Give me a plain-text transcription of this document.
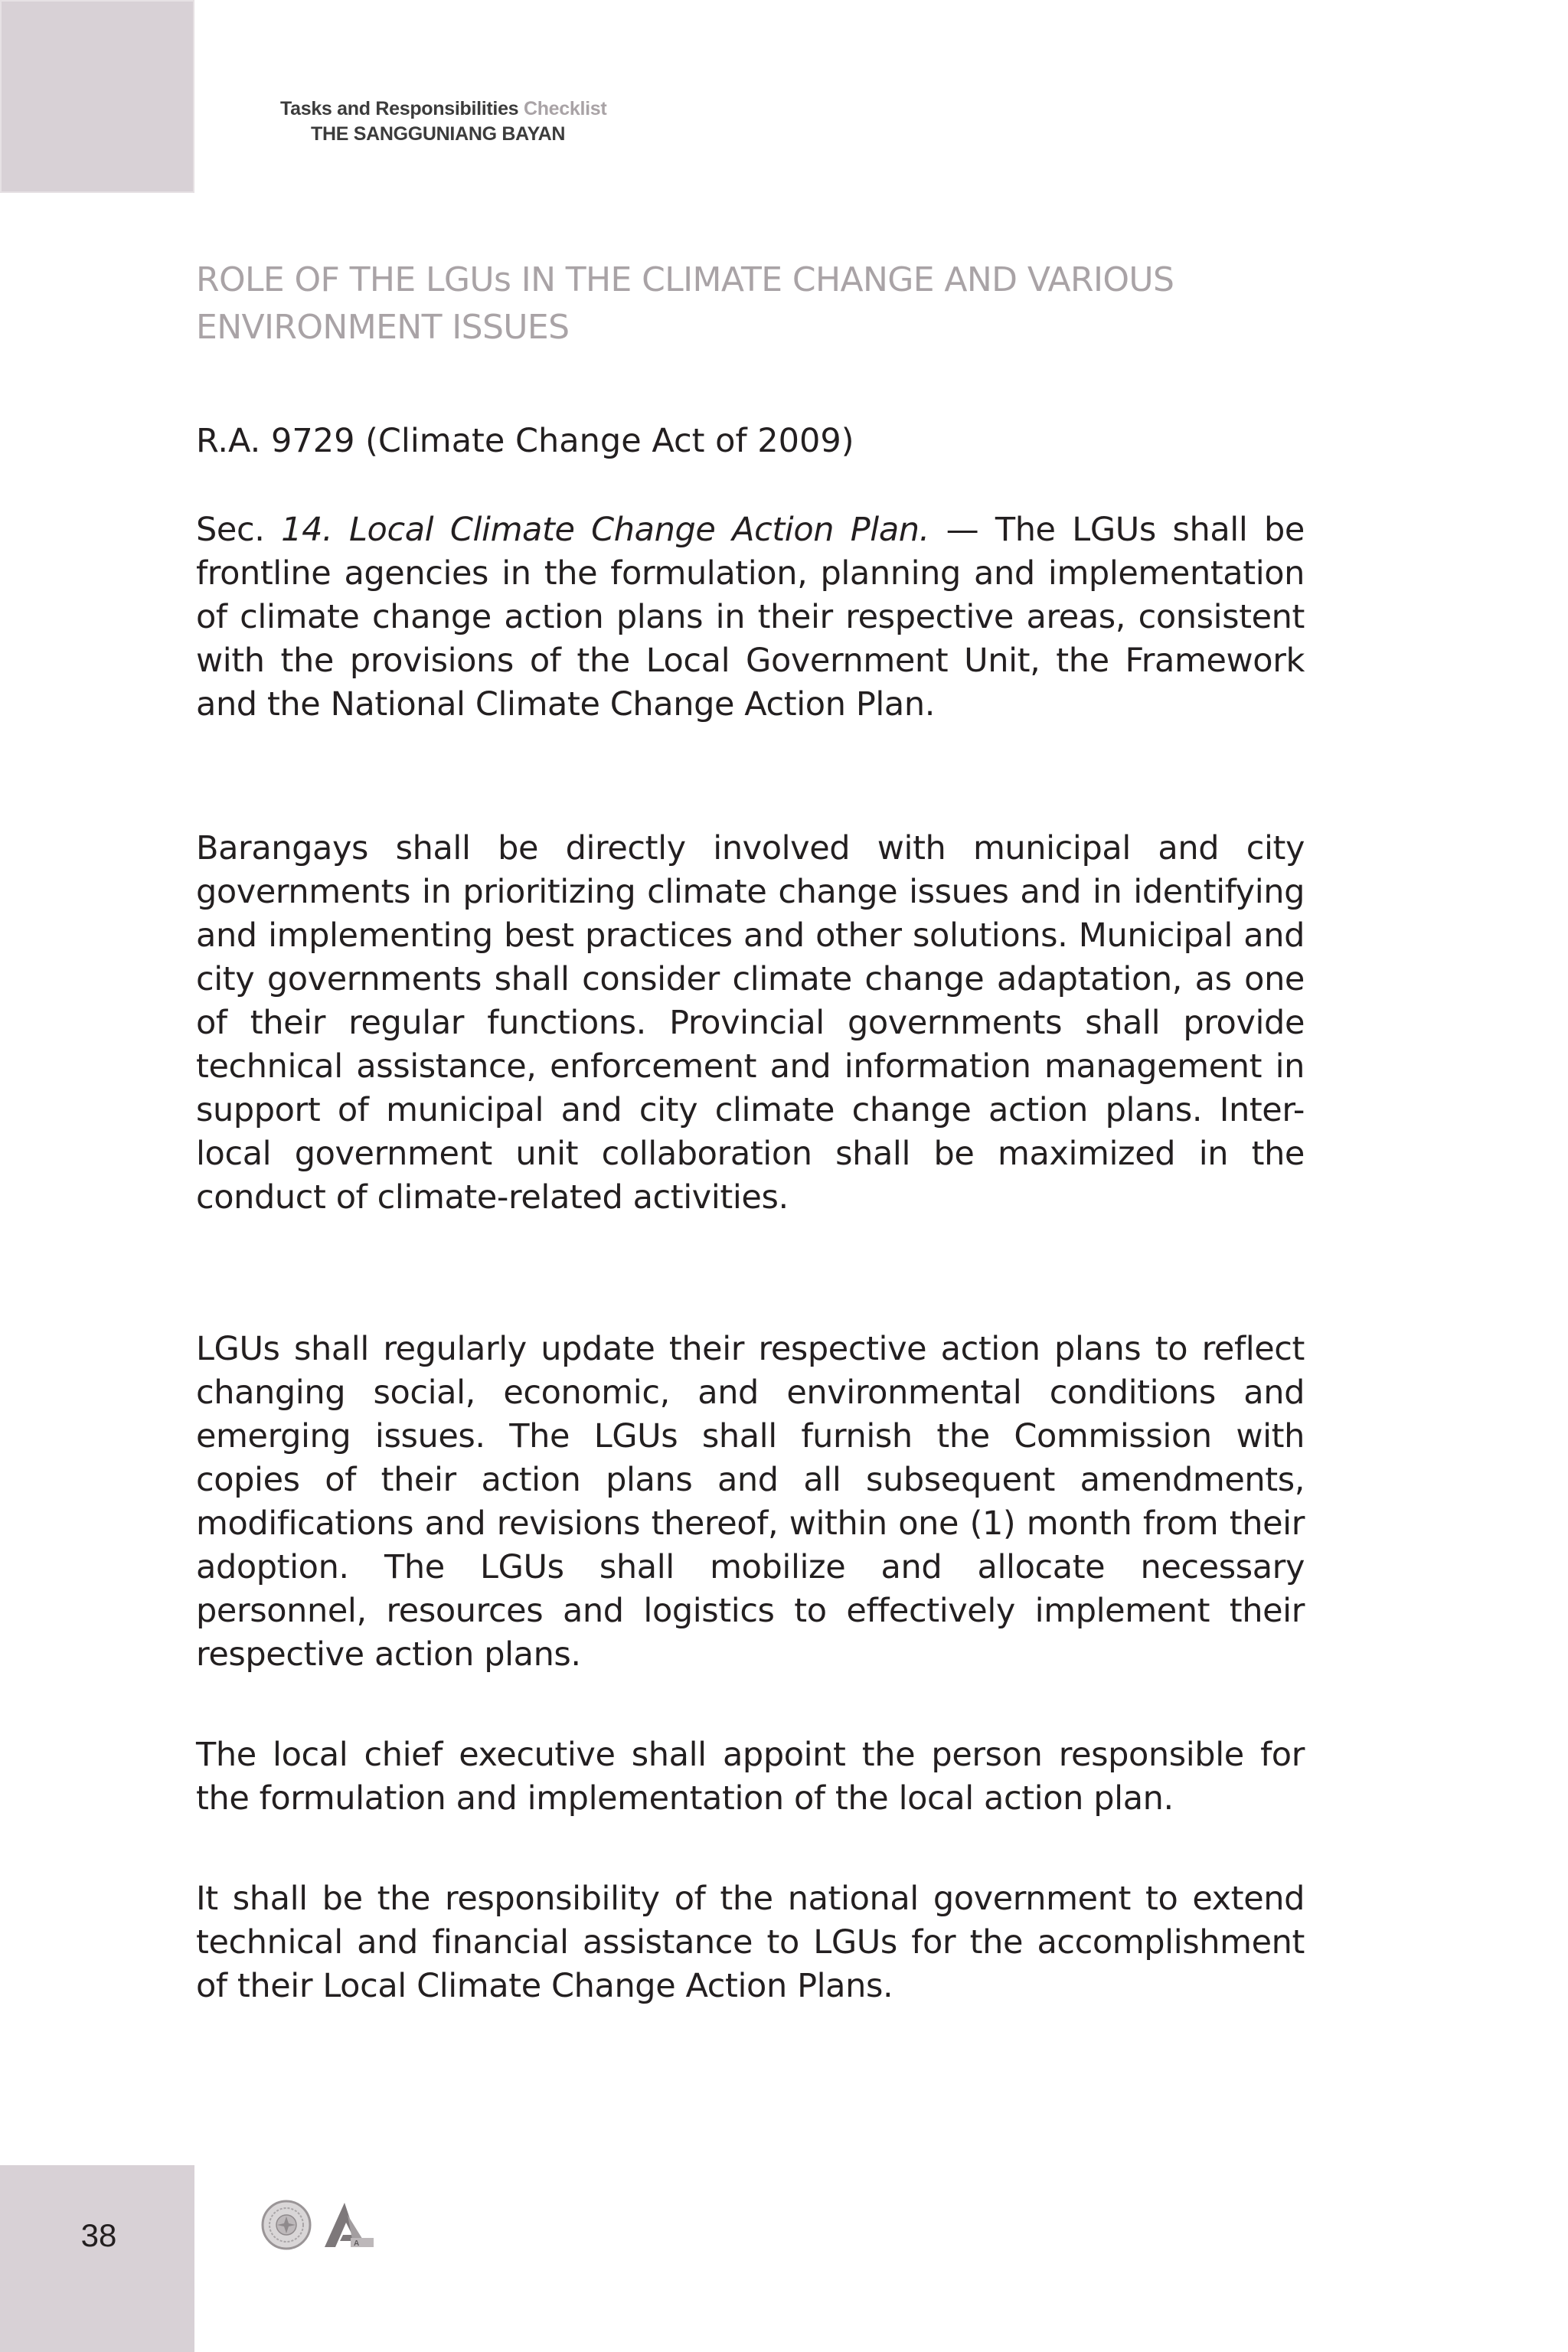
Tasks and Responsibilities Checklist
THE SANGGUNIANG BAYAN
ROLE OF THE LGUs IN THE CLIMATE CHANGE AND VARIOUS ENVIRONMENT ISSUES
R.A. 9729 (Climate Change Act of 2009)

Sec. 14. Local Climate Change Action Plan. — The LGUs shall be frontline agencies in the formulation, planning and implementation of climate change action plans in their respective areas, consistent with the provisions of the Local Government Unit, the Framework and the National Climate Change Action Plan.

Barangays shall be directly involved with municipal and city governments in prioritizing climate change issues and in identifying and implementing best practices and other solutions. Municipal and city governments shall consider climate change adaptation, as one of their regular functions. Provincial governments shall provide technical assistance, enforcement and information management in support of municipal and city climate change action plans. Inter-local government unit collaboration shall be maximized in the conduct of climate-related activities.

LGUs shall regularly update their respective action plans to reflect changing social, economic, and environmental conditions and emerging issues. The LGUs shall furnish the Commission with copies of their action plans and all subsequent amendments, modifications and revisions thereof, within one (1) month from their adoption. The LGUs shall mobilize and allocate necessary personnel, resources and logistics to effectively implement their respective action plans.

The local chief executive shall appoint the person responsible for the formulation and implementation of the local action plan.

It shall be the responsibility of the national government to extend technical and financial assistance to LGUs for the accomplishment of their Local Climate Change Action Plans.

38	A
